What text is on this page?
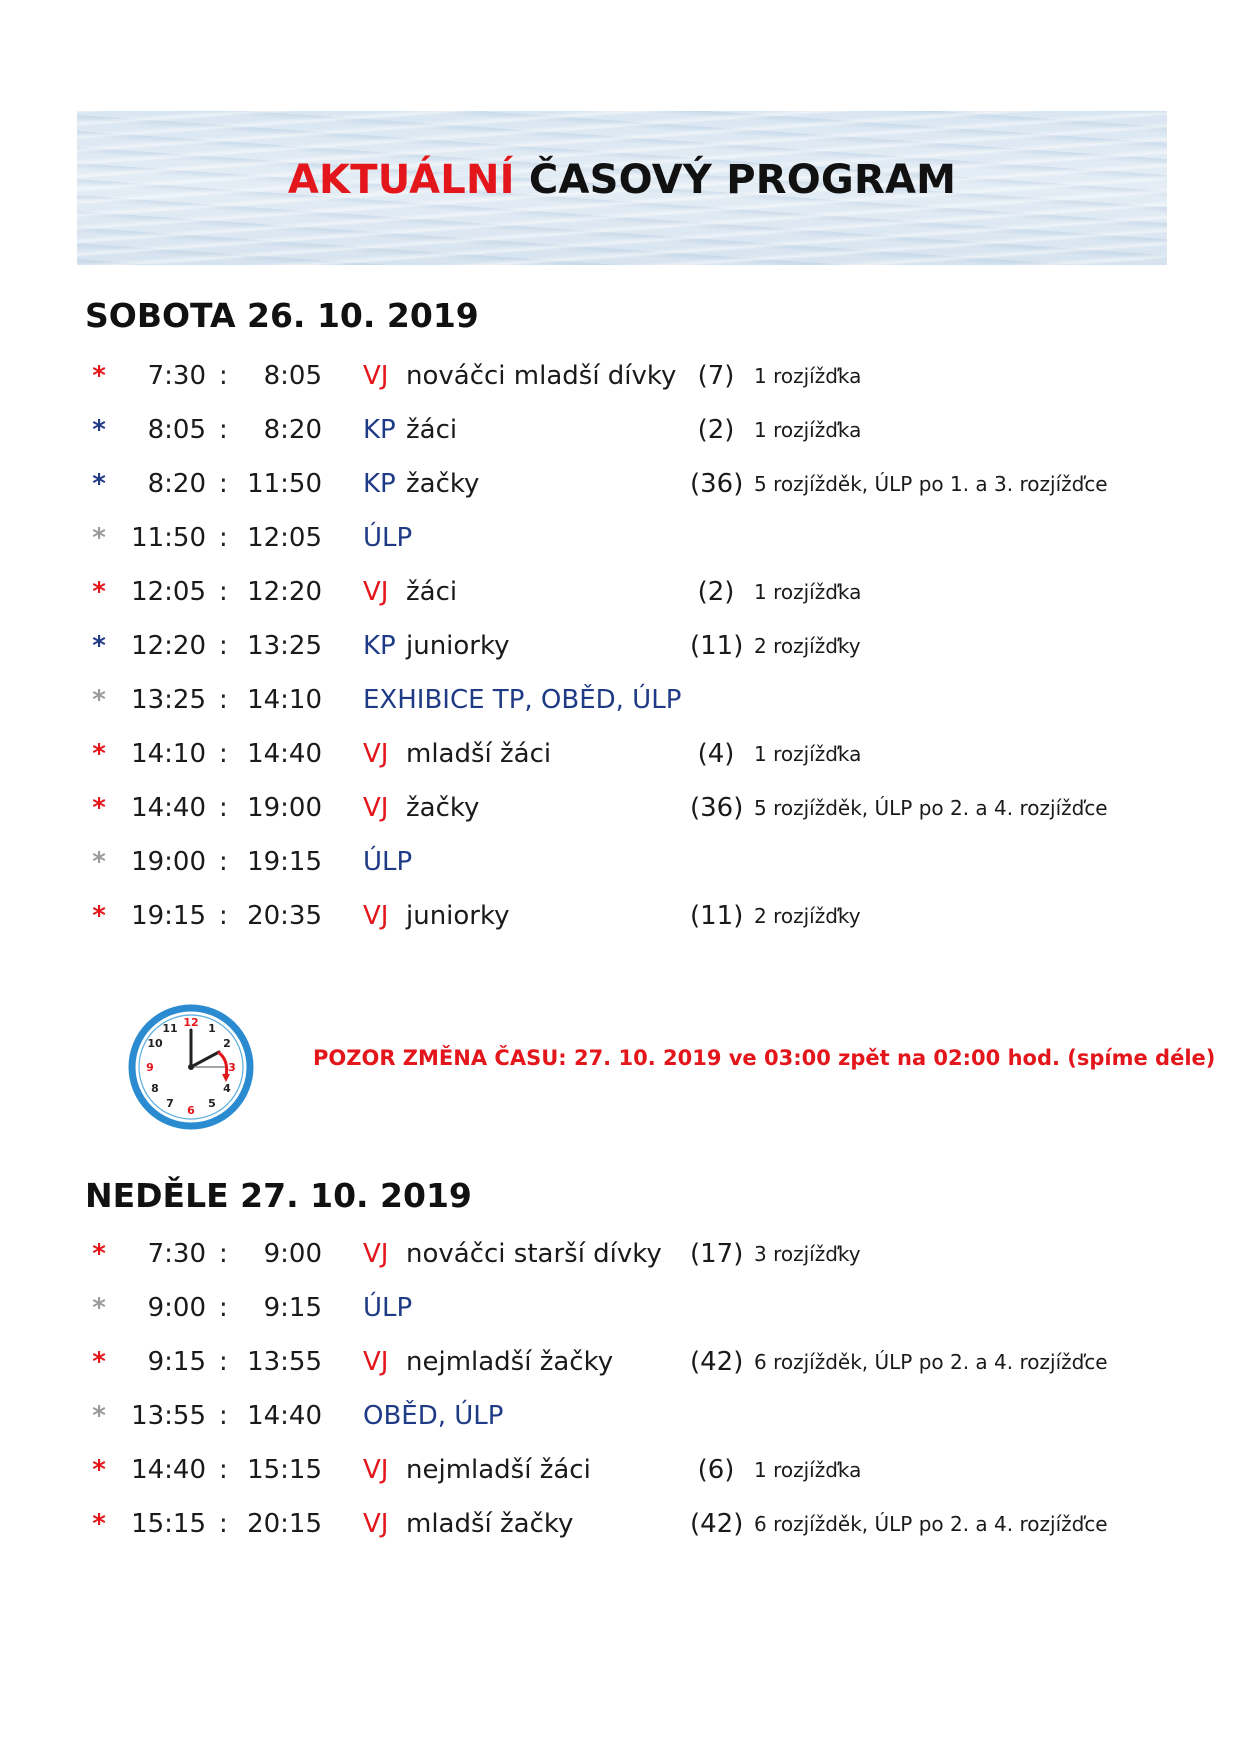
AKTUÁLNÍ ČASOVÝ PROGRAM
SOBOTA 26. 10. 2019
*	7:30 :	8:05 VJ nováčci mladší dívky (7) 1 rozjížďka
*	8:05 :	8:20 KP žáci	(2) 1 rozjížďka
*	8:20 : 11:50 KP žačky	(36) 5 rozjížděk, ÚLP po 1. a 3. rozjížďce
* 11:50 : 12:05 ÚLP
* 12:05 : 12:20 VJ žáci	(2) 1 rozjížďka
* 12:20 : 13:25 KP juniorky	(11) 2 rozjížďky
* 13:25 : 14:10 EXHIBICE TP, OBĚD, ÚLP
* 14:10 : 14:40 VJ mladší žáci	(4) 1 rozjížďka
* 14:40 : 19:00 VJ žačky	(36) 5 rozjížděk, ÚLP po 2. a 4. rozjížďce
* 19:00 : 19:15 ÚLP
* 19:15 : 20:35 VJ juniorky	(11) 2 rozjížďky
12 1
2
3
4
5
6
7
8
9
10
11
POZOR ZMĚNA ČASU: 27. 10. 2019 ve 03:00 zpět na 02:00 hod. (spíme déle)
NEDĚLE 27. 10. 2019
*	7:30 :	9:00 VJ nováčci starší dívky (17) 3 rozjížďky
*	9:00 :	9:15 ÚLP
*	9:15 : 13:55 VJ nejmladší žačky	(42) 6 rozjížděk, ÚLP po 2. a 4. rozjížďce
* 13:55 : 14:40 OBĚD, ÚLP
* 14:40 : 15:15 VJ nejmladší žáci	(6) 1 rozjížďka
* 15:15 : 20:15 VJ mladší žačky	(42) 6 rozjížděk, ÚLP po 2. a 4. rozjížďce
